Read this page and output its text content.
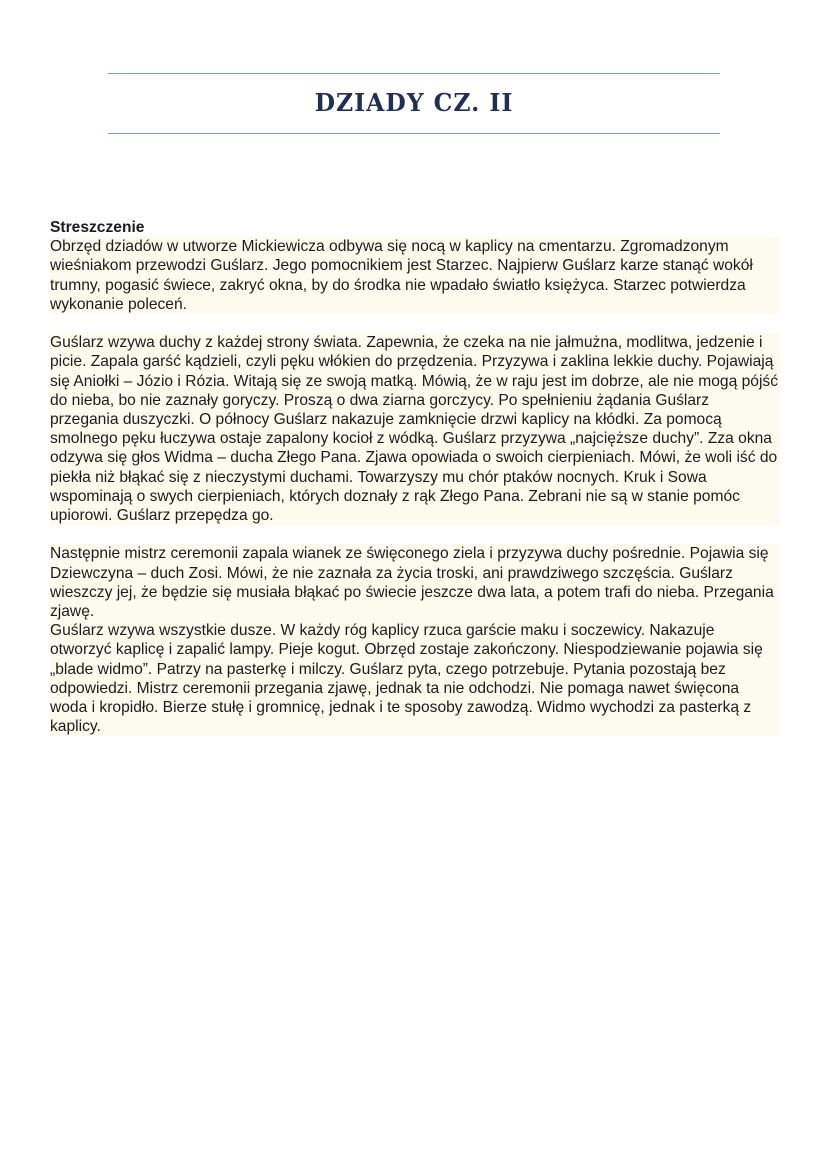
DZIADY CZ. II
Streszczenie
Obrzęd dziadów w utworze Mickiewicza odbywa się nocą w kaplicy na cmentarzu. Zgromadzonym wieśniakom przewodzi Guślarz. Jego pomocnikiem jest Starzec. Najpierw Guślarz karze stanąć wokół trumny, pogasić świece, zakryć okna, by do środka nie wpadało światło księżyca. Starzec potwierdza wykonanie poleceń.
Guślarz wzywa duchy z każdej strony świata. Zapewnia, że czeka na nie jałmużna, modlitwa, jedzenie i picie. Zapala garść kądzieli, czyli pęku włókien do przędzenia. Przyzywa i zaklina lekkie duchy. Pojawiają się Aniołki – Józio i Rózia. Witają się ze swoją matką. Mówią, że w raju jest im dobrze, ale nie mogą pójść do nieba, bo nie zaznały goryczy. Proszą o dwa ziarna gorczycy. Po spełnieniu żądania Guślarz przegania duszyczki. O północy Guślarz nakazuje zamknięcie drzwi kaplicy na kłódki. Za pomocą smolnego pęku łuczywa ostaje zapalony kocioł z wódką. Guślarz przyzywa „najcięższe duchy”. Zza okna odzywa się głos Widma – ducha Złego Pana. Zjawa opowiada o swoich cierpieniach. Mówi, że woli iść do piekła niż błąkać się z nieczystymi duchami. Towarzyszy mu chór ptaków nocnych. Kruk i Sowa wspominają o swych cierpieniach, których doznały z rąk Złego Pana. Zebrani nie są w stanie pomóc upiorowi. Guślarz przepędza go.
Następnie mistrz ceremonii zapala wianek ze święconego ziela i przyzywa duchy pośrednie. Pojawia się Dziewczyna – duch Zosi. Mówi, że nie zaznała za życia troski, ani prawdziwego szczęścia. Guślarz wieszczy jej, że będzie się musiała błąkać po świecie jeszcze dwa lata, a potem trafi do nieba. Przegania zjawę.
Guślarz wzywa wszystkie dusze. W każdy róg kaplicy rzuca garście maku i soczewicy. Nakazuje otworzyć kaplicę i zapalić lampy. Pieje kogut. Obrzęd zostaje zakończony. Niespodziewanie pojawia się „blade widmo”. Patrzy na pasterkę i milczy. Guślarz pyta, czego potrzebuje. Pytania pozostają bez odpowiedzi. Mistrz ceremonii przegania zjawę, jednak ta nie odchodzi. Nie pomaga nawet święcona woda i kropidło. Bierze stułę i gromnicę, jednak i te sposoby zawodzą. Widmo wychodzi za pasterką z kaplicy.
